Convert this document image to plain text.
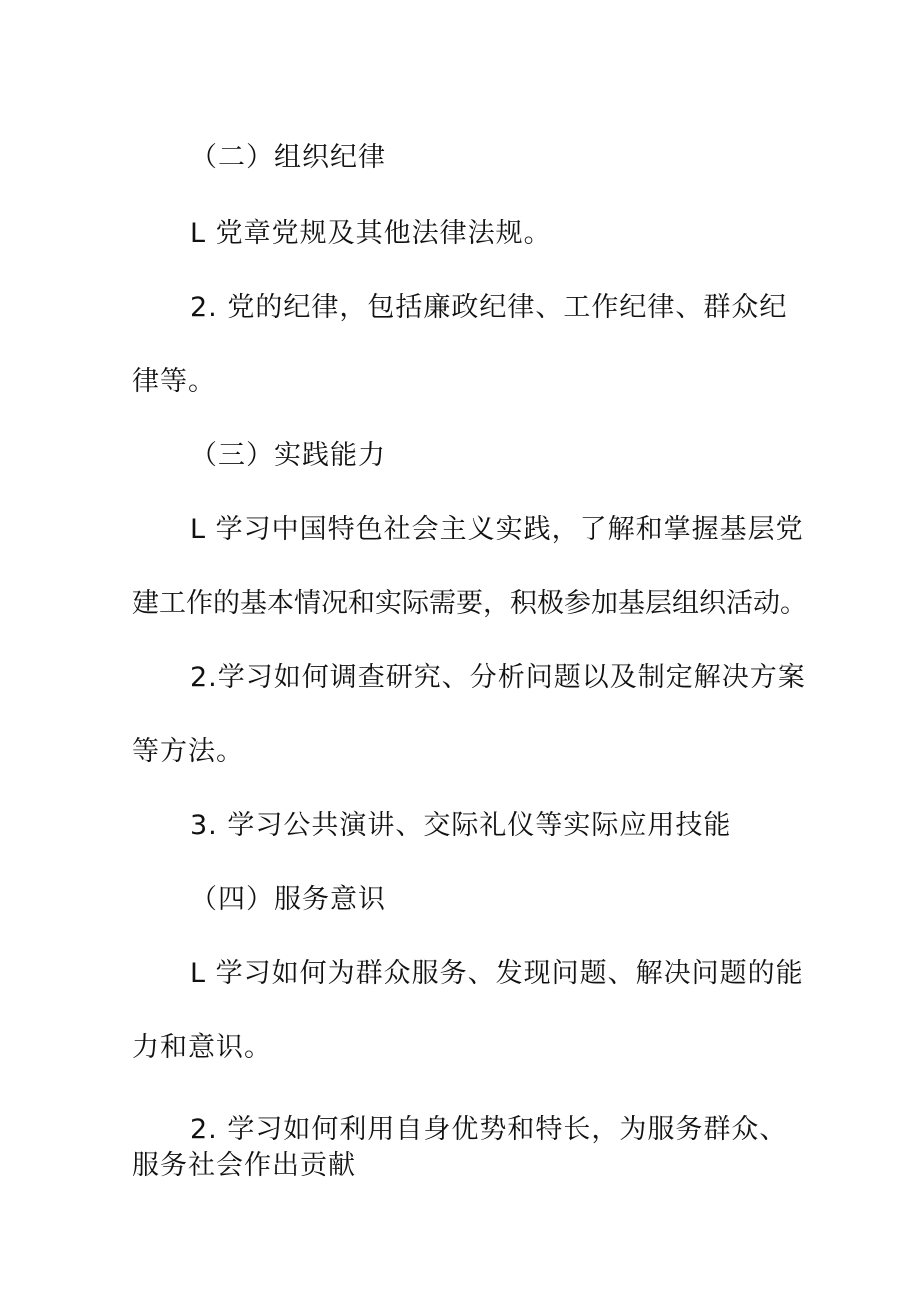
（二）组织纪律
L 党章党规及其他法律法规。
2. 党的纪律，包括廉政纪律、工作纪律、群众纪
律等。
（三）实践能力
L 学习中国特色社会主义实践，了解和掌握基层党
建工作的基本情况和实际需要，积极参加基层组织活动。
2.学习如何调查研究、分析问题以及制定解决方案
等方法。
3. 学习公共演讲、交际礼仪等实际应用技能
（四）服务意识
L 学习如何为群众服务、发现问题、解决问题的能
力和意识。
2. 学习如何利用自身优势和特长，为服务群众、
服务社会作出贡献
